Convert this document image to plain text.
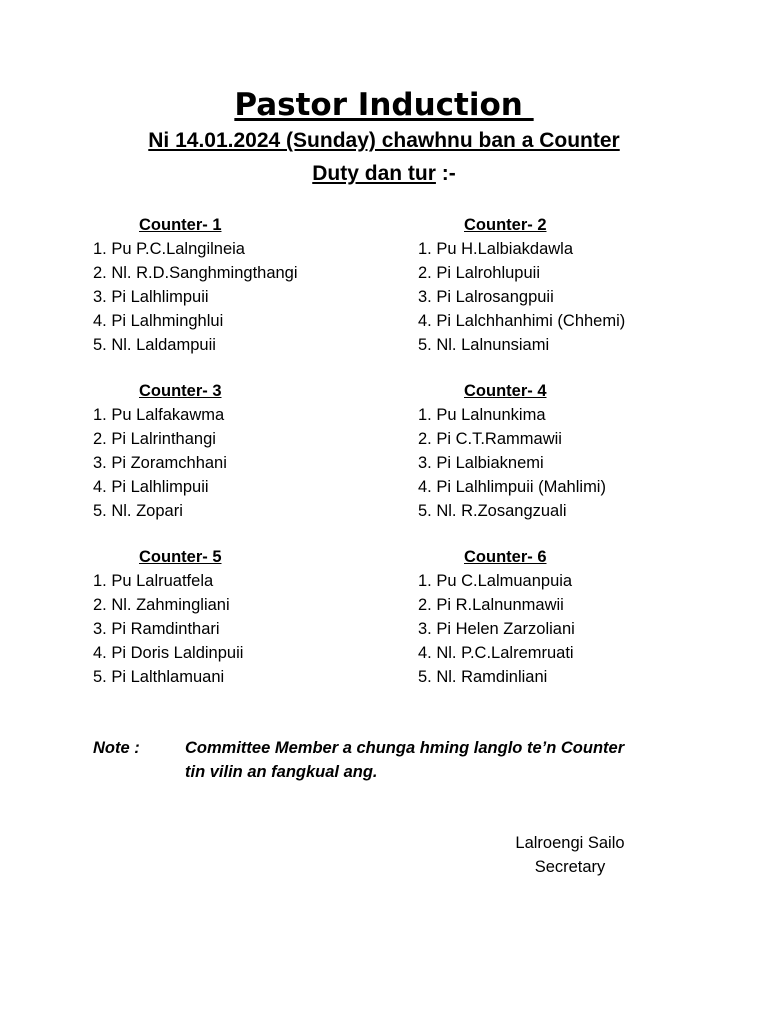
Pastor Induction
Ni 14.01.2024 (Sunday) chawhnu ban a Counter
Duty dan tur :-
Counter- 1
1. Pu P.C.Lalngilneia
2. Nl. R.D.Sanghmingthangi
3. Pi Lalhlimpuii
4. Pi Lalhminghlui
5. Nl. Laldampuii
Counter- 2
1. Pu H.Lalbiakdawla
2. Pi Lalrohlupuii
3. Pi Lalrosangpuii
4. Pi Lalchhanhimi (Chhemi)
5. Nl. Lalnunsiami
Counter- 3
1. Pu Lalfakawma
2. Pi Lalrinthangi
3. Pi Zoramchhani
4. Pi Lalhlimpuii
5. Nl. Zopari
Counter- 4
1. Pu Lalnunkima
2. Pi C.T.Rammawii
3. Pi Lalbiaknemi
4. Pi Lalhlimpuii (Mahlimi)
5. Nl. R.Zosangzuali
Counter- 5
1. Pu Lalruatfela
2. Nl. Zahmingliani
3. Pi Ramdinthari
4. Pi Doris Laldinpuii
5. Pi Lalthlamuani
Counter- 6
1. Pu C.Lalmuanpuia
2. Pi R.Lalnunmawii
3. Pi Helen Zarzoliani
4. Nl. P.C.Lalremruati
5. Nl. Ramdinliani
Note :	Committee Member a chunga hming langlo te’n Counter
tin vilin an fangkual ang.
Lalroengi Sailo
Secretary
